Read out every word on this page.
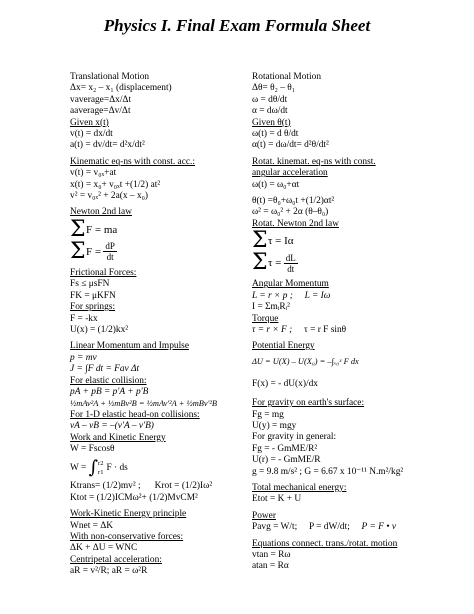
Physics I. Final Exam Formula Sheet
Translational Motion
Δx= x₂ – x₁ (displacement)
vaverage=Δx/Δt
aaverage=Δv/Δt
Given x(t)
v(t) = dx/dt
a(t) = dv/dt= d²x/dt²
Kinematic eq-ns with const. acc.:
v(t) = v₀ₓ+at
x(t) = x₀+ v₀ₓt +(1/2) at²
v² = v₀ₓ² + 2a(x – x₀)
Newton 2nd law
Σ F = ma
Σ F =
$\frac{dP}{dt}$
Frictional Forces:
Fs ≤ μsFN
FK = μKFN
For springs:
F = -kx
U(x) = (1/2)kx²
Linear Momentum and Impulse
p = mv
J = ∫F dt = Fav Δt
For elastic collision:
pA + pB = p'A + p'B
½mAv²A + ½mBv²B = ½mAv'²A + ½mBv'²B
For 1-D elastic head-on collisions:
vA – vB = –(v'A – v'B)
Work and Kinetic Energy
W = Fscosθ
W =
∫ r2
r1
F · ds
Ktrans= (1/2)mv² ; Krot = (1/2)Iω²
Ktot = (1/2)ICMω²+ (1/2)MvCM²
Work-Kinetic Energy principle
Wnet = ΔK
With non-conservative forces:
ΔK + ΔU = WNC
Centripetal acceleration:
aR = v²/R; aR = ω²R
Rotational Motion
Δθ= θ₂ – θ₁
ω = dθ/dt
α = dω/dt
Given θ(t)
ω(t) = d θ/dt
α(t) = dω/dt= d²θ/dt²
Rotat. kinemat. eq-ns with const.
angular acceleration
ω(t) = ω₀+αt
θ(t) =θ₀+ω₀t +(1/2)αt²
ω² = ω₀² + 2α (θ–θ₀)
Rotat. Newton 2nd law
Σ τ = Iα
Σ τ =
$\frac{dL}{dt}$
Angular Momentum
L = r × p ; L = Iω
I = ΣmᵢRᵢ²
Torque
τ = r × F ; τ = r F sinθ
Potential Energy
ΔU = U(X) – U(X₀) = –∫ₓ₀ˣ F dx
F(x) = - dU(x)/dx
For gravity on earth's surface:
Fg = mg
U(y) = mgy
For gravity in general:
Fg = - GmME/R²
U(r) = - GmME/R
g = 9.8 m/s² ; G = 6.67 x 10⁻¹¹ N.m²/kg²
Total mechanical energy:
Etot = K + U
Power
Pavg = W/t; P = dW/dt; P = F • v
Equations connect. trans./rotat. motion
vtan = Rω
atan = Rα
